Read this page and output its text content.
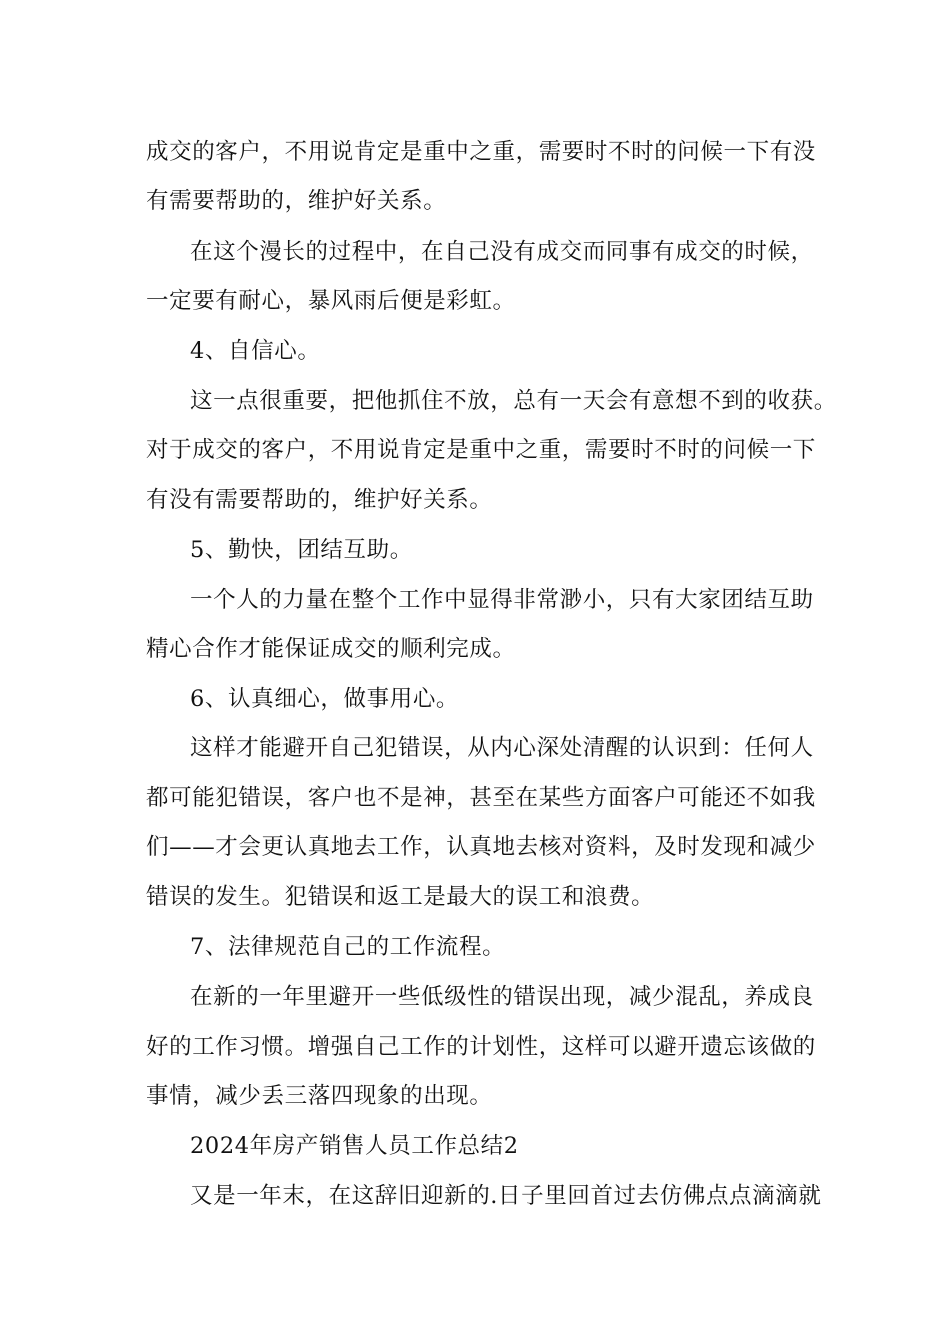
成交的客户，不用说肯定是重中之重，需要时不时的问候一下有没
有需要帮助的，维护好关系。
在这个漫长的过程中，在自己没有成交而同事有成交的时候，
一定要有耐心，暴风雨后便是彩虹。
4、自信心。
这一点很重要，把他抓住不放，总有一天会有意想不到的收获。
对于成交的客户，不用说肯定是重中之重，需要时不时的问候一下
有没有需要帮助的，维护好关系。
5、勤快，团结互助。
一个人的力量在整个工作中显得非常渺小，只有大家团结互助
精心合作才能保证成交的顺利完成。
6、认真细心，做事用心。
这样才能避开自己犯错误，从内心深处清醒的认识到：任何人
都可能犯错误，客户也不是神，甚至在某些方面客户可能还不如我
们——才会更认真地去工作，认真地去核对资料，及时发现和减少
错误的发生。犯错误和返工是最大的误工和浪费。
7、法律规范自己的工作流程。
在新的一年里避开一些低级性的错误出现，减少混乱，养成良
好的工作习惯。增强自己工作的计划性，这样可以避开遗忘该做的
事情，减少丢三落四现象的出现。
2024年房产销售人员工作总结2
又是一年末，在这辞旧迎新的.日子里回首过去仿佛点点滴滴就
